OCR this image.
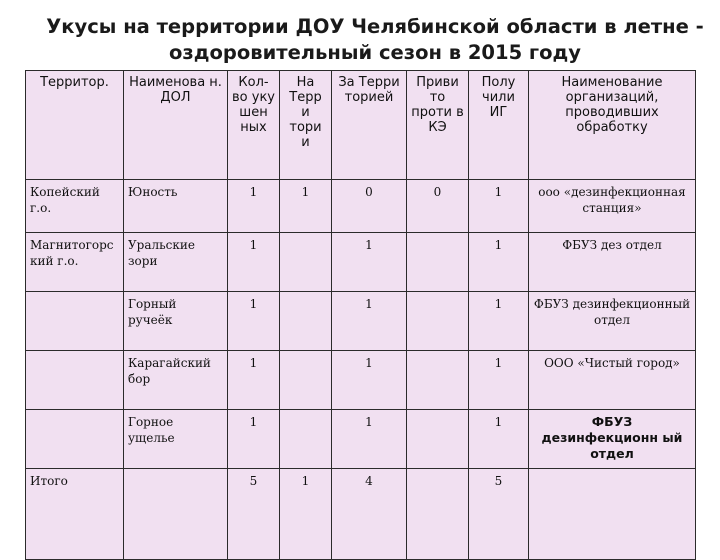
Укусы на территории ДОУ Челябинской области в летне -
оздоровительный сезон в 2015 году
Территор.	Наименова н. ДОЛ	Кол-во уку шен ных	На Терр и тори и	За Терри торией	Приви то проти в КЭ	Полу чили ИГ	Наименование организаций, проводивших обработку
Копейский г.о.	Юность	1	1	0	0	1	ооо «дезинфекционная станция»
Магнитогорс кий г.о.	Уральские зори	1		1		1	ФБУЗ дез отдел
	Горный ручеёк	1		1		1	ФБУЗ дезинфекционный отдел
	Карагайский бор	1		1		1	ООО «Чистый город»
	Горное ущелье	1		1		1	ФБУЗ дезинфекционн ый отдел
Итого		5	1	4		5	
